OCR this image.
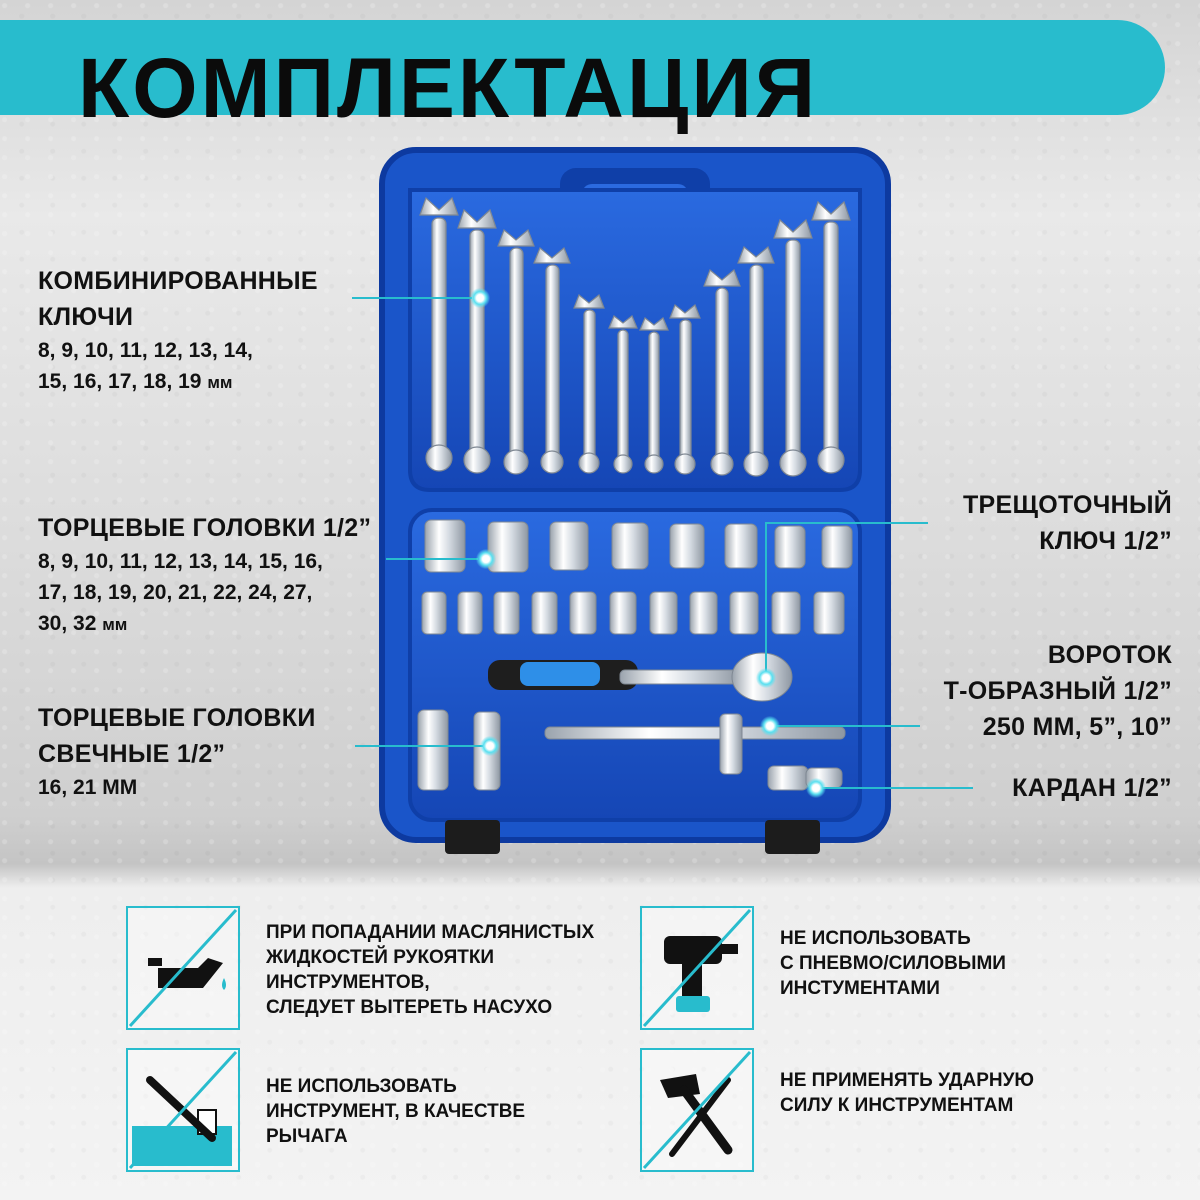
КОМПЛЕКТАЦИЯ
КОМБИНИРОВАННЫЕ
КЛЮЧИ
8, 9, 10, 11, 12, 13, 14,
15, 16, 17, 18, 19 мм
ТОРЦЕВЫЕ ГОЛОВКИ 1/2”
8, 9, 10, 11, 12, 13, 14, 15, 16,
17, 18, 19, 20, 21, 22, 24, 27,
30, 32 мм
ТОРЦЕВЫЕ ГОЛОВКИ
СВЕЧНЫЕ 1/2”
16, 21 ММ
ТРЕЩОТОЧНЫЙ
КЛЮЧ 1/2”
ВОРОТОК
Т-ОБРАЗНЫЙ 1/2”
250 ММ, 5”, 10”
КАРДАН 1/2”
ПРИ ПОПАДАНИИ МАСЛЯНИСТЫХ
ЖИДКОСТЕЙ РУКОЯТКИ
ИНСТРУМЕНТОВ,
СЛЕДУЕТ ВЫТЕРЕТЬ НАСУХО
НЕ ИСПОЛЬЗОВАТЬ
С ПНЕВМО/СИЛОВЫМИ
ИНСТУМЕНТАМИ
НЕ ИСПОЛЬЗОВАТЬ
ИНСТРУМЕНТ, В КАЧЕСТВЕ
РЫЧАГА
НЕ ПРИМЕНЯТЬ УДАРНУЮ
СИЛУ К ИНСТРУМЕНТАМ
